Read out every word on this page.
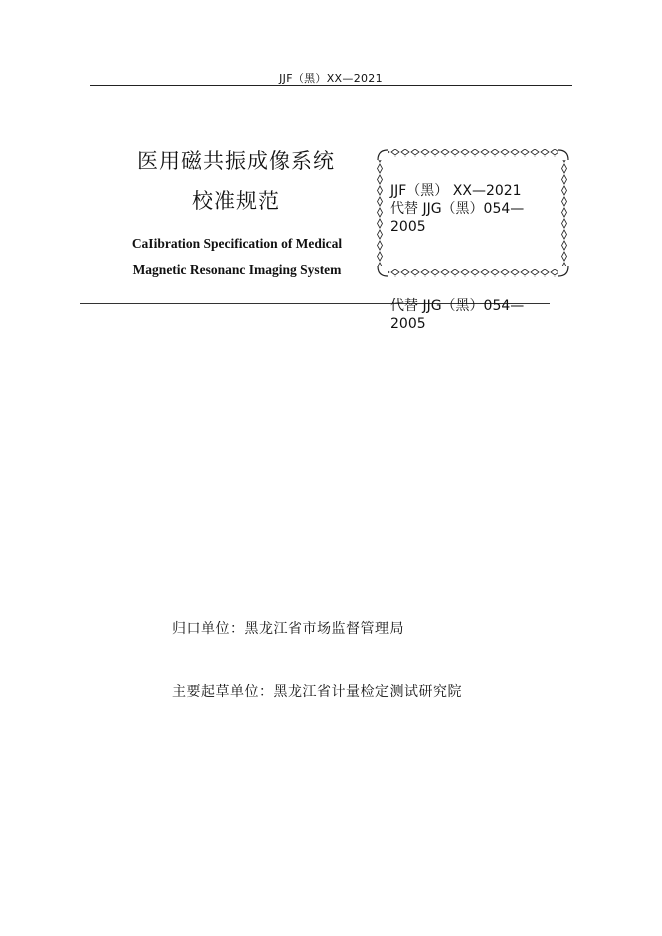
JJF（黑）XX—2021
医用磁共振成像系统
校准规范
CaIibration Specification of Medical
Magnetic Resonanc Imaging System
JJF（黑） XX—2021
代替 JJG（黑）054—
2005
代替 JJG（黑）054—
2005
归口单位：黑龙江省市场监督管理局
主要起草单位：黑龙江省计量检定测试研究院
